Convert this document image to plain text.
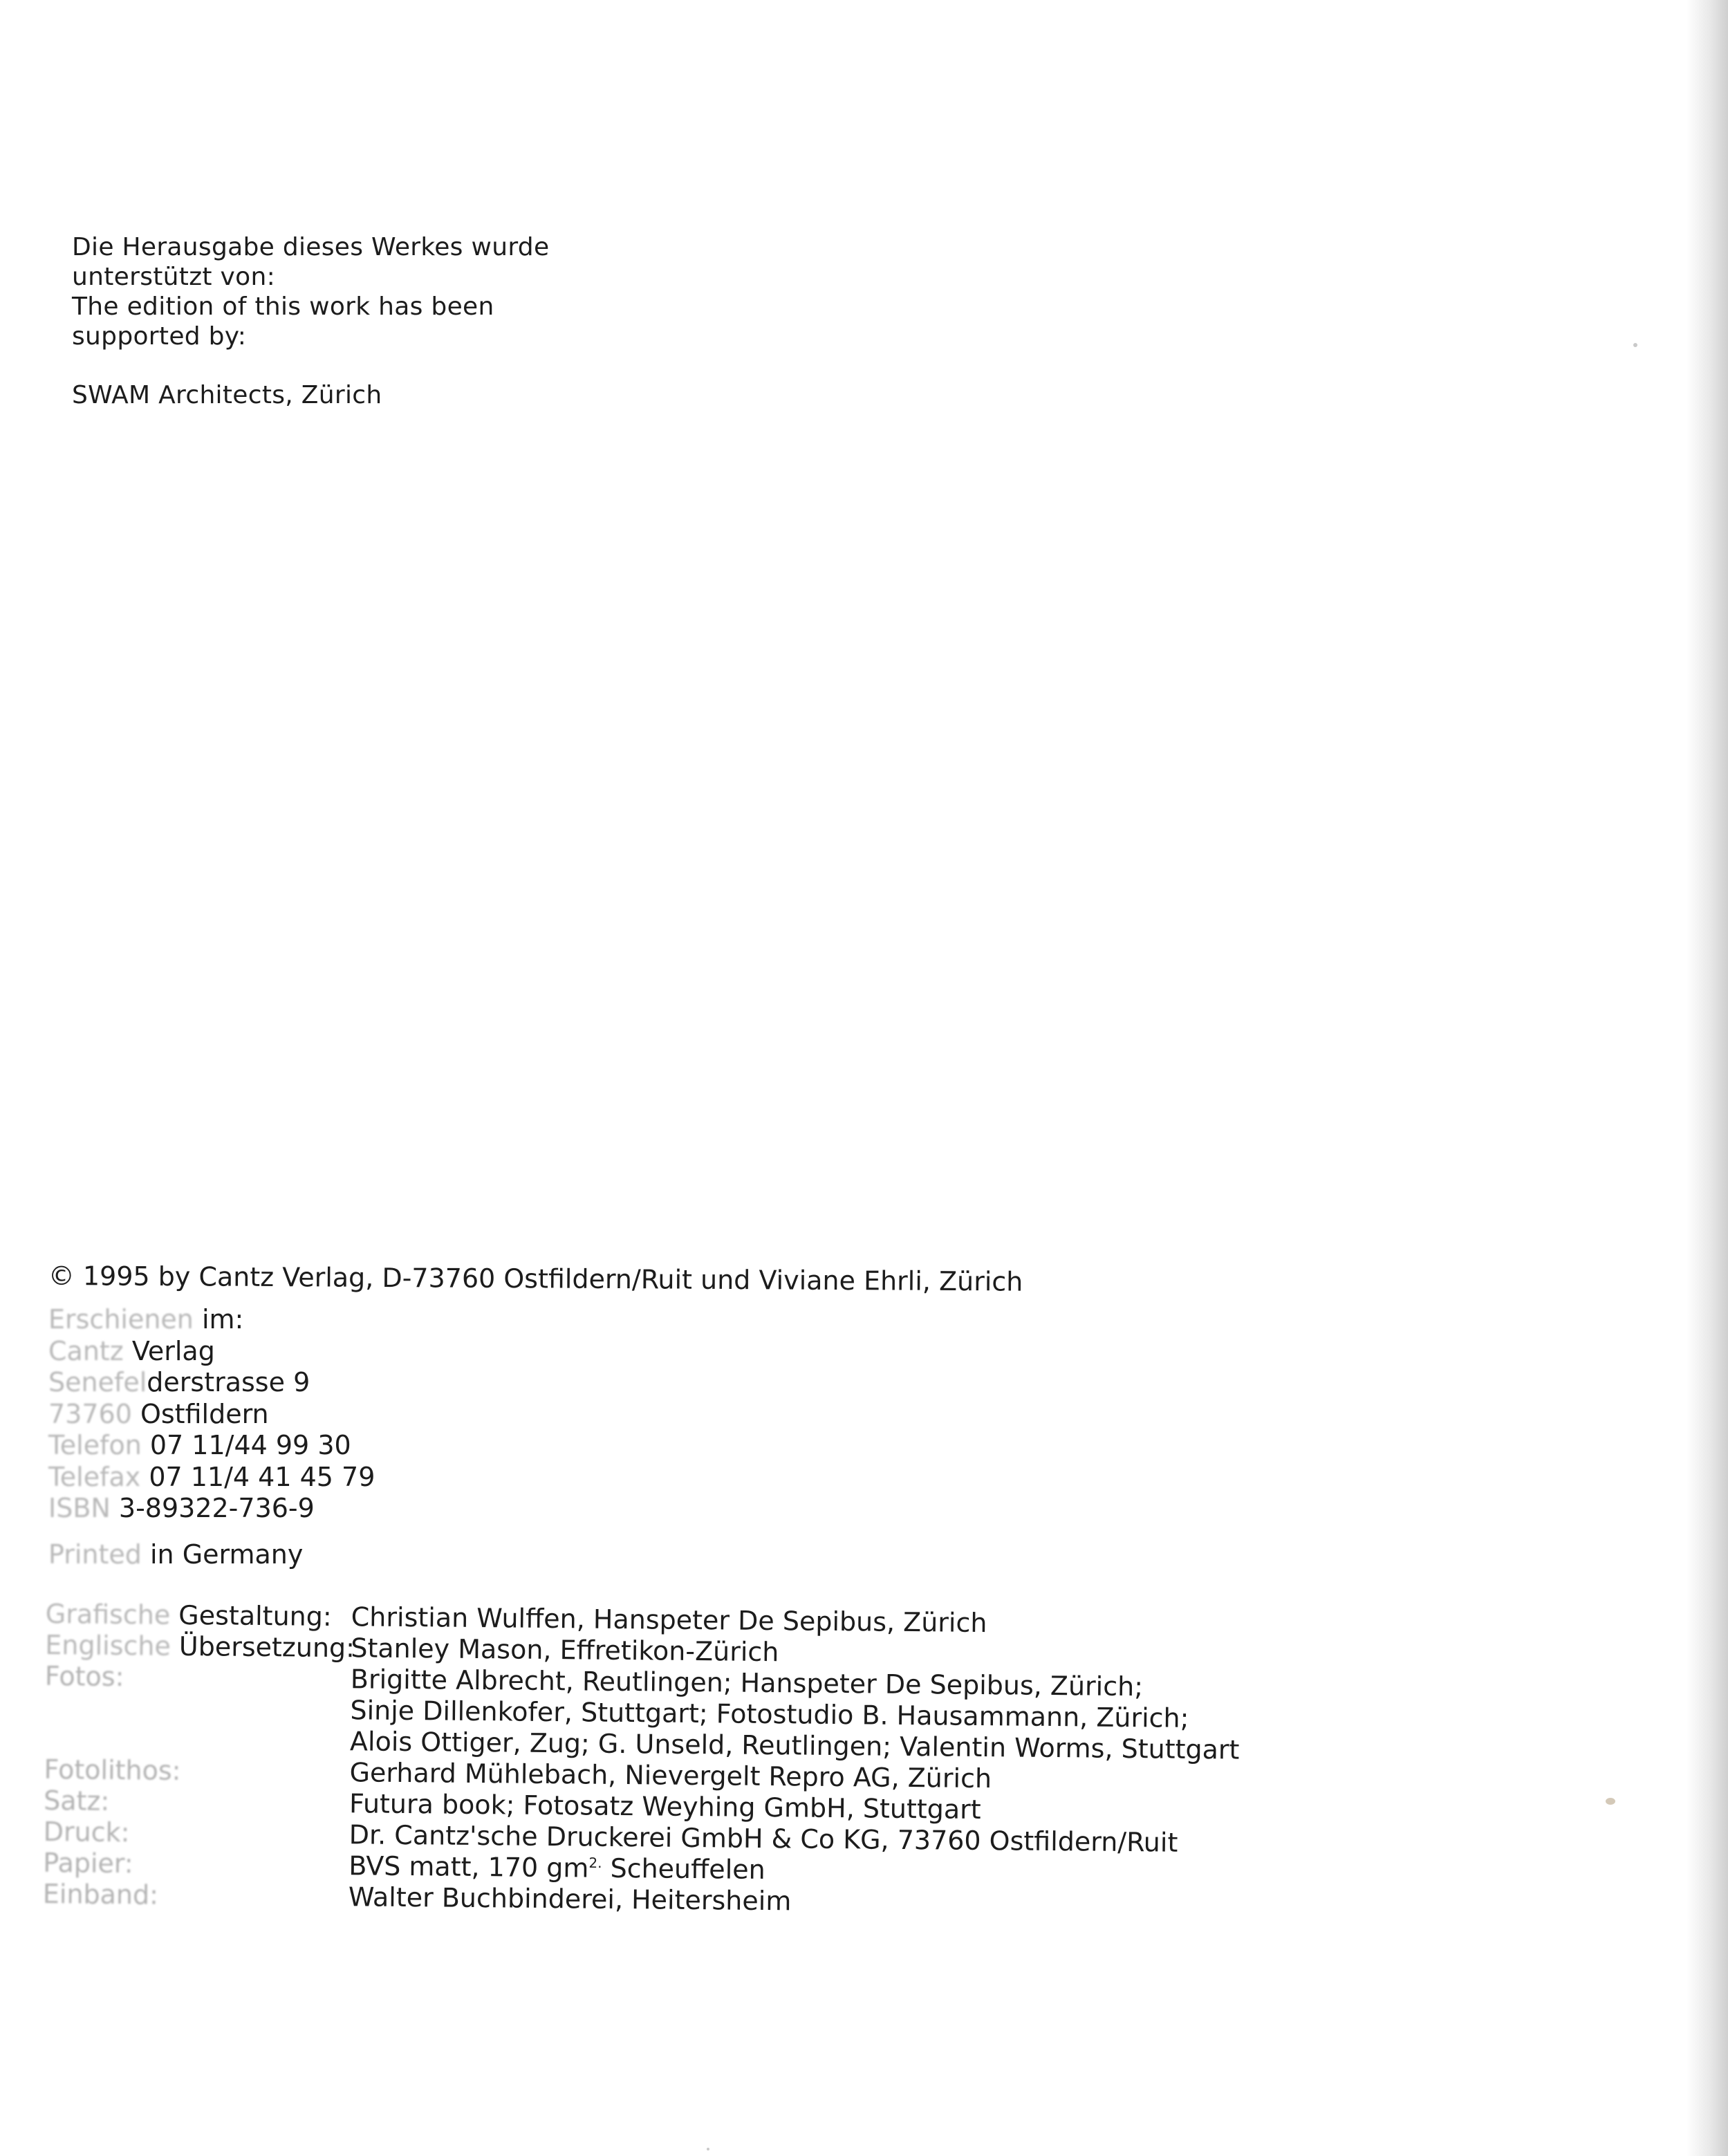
Die Herausgabe dieses Werkes wurde
unterstützt von:
The edition of this work has been
supported by:
SWAM Architects, Zürich
© 1995 by Cantz Verlag, D-73760 Ostfildern/Ruit und Viviane Ehrli, Zürich
Erschienen im:
Cantz Verlag
Senefelderstrasse 9
73760 Ostfildern
Telefon 07 11/44 99 30
Telefax 07 11/4 41 45 79
ISBN 3-89322-736-9
Printed in Germany
Grafische Gestaltung: Christian Wulffen, Hanspeter De Sepibus, Zürich
Englische Übersetzung:
Stanley Mason, Effretikon-Zürich
Fotos:	Brigitte Albrecht, Reutlingen; Hanspeter De Sepibus, Zürich;
Sinje Dillenkofer, Stuttgart; Fotostudio B. Hausammann, Zürich;
Alois Ottiger, Zug; G. Unseld, Reutlingen; Valentin Worms, Stuttgart
Fotolithos:	Gerhard Mühlebach, Nievergelt Repro AG, Zürich
Satz:	Futura book; Fotosatz Weyhing GmbH, Stuttgart
Druck:	Dr. Cantz'sche Druckerei GmbH & Co KG, 73760 Ostfildern/Ruit
Papier:	BVS matt, 170 $gm^{2.}$ Scheuffelen
Einband:	Walter Buchbinderei, Heitersheim
